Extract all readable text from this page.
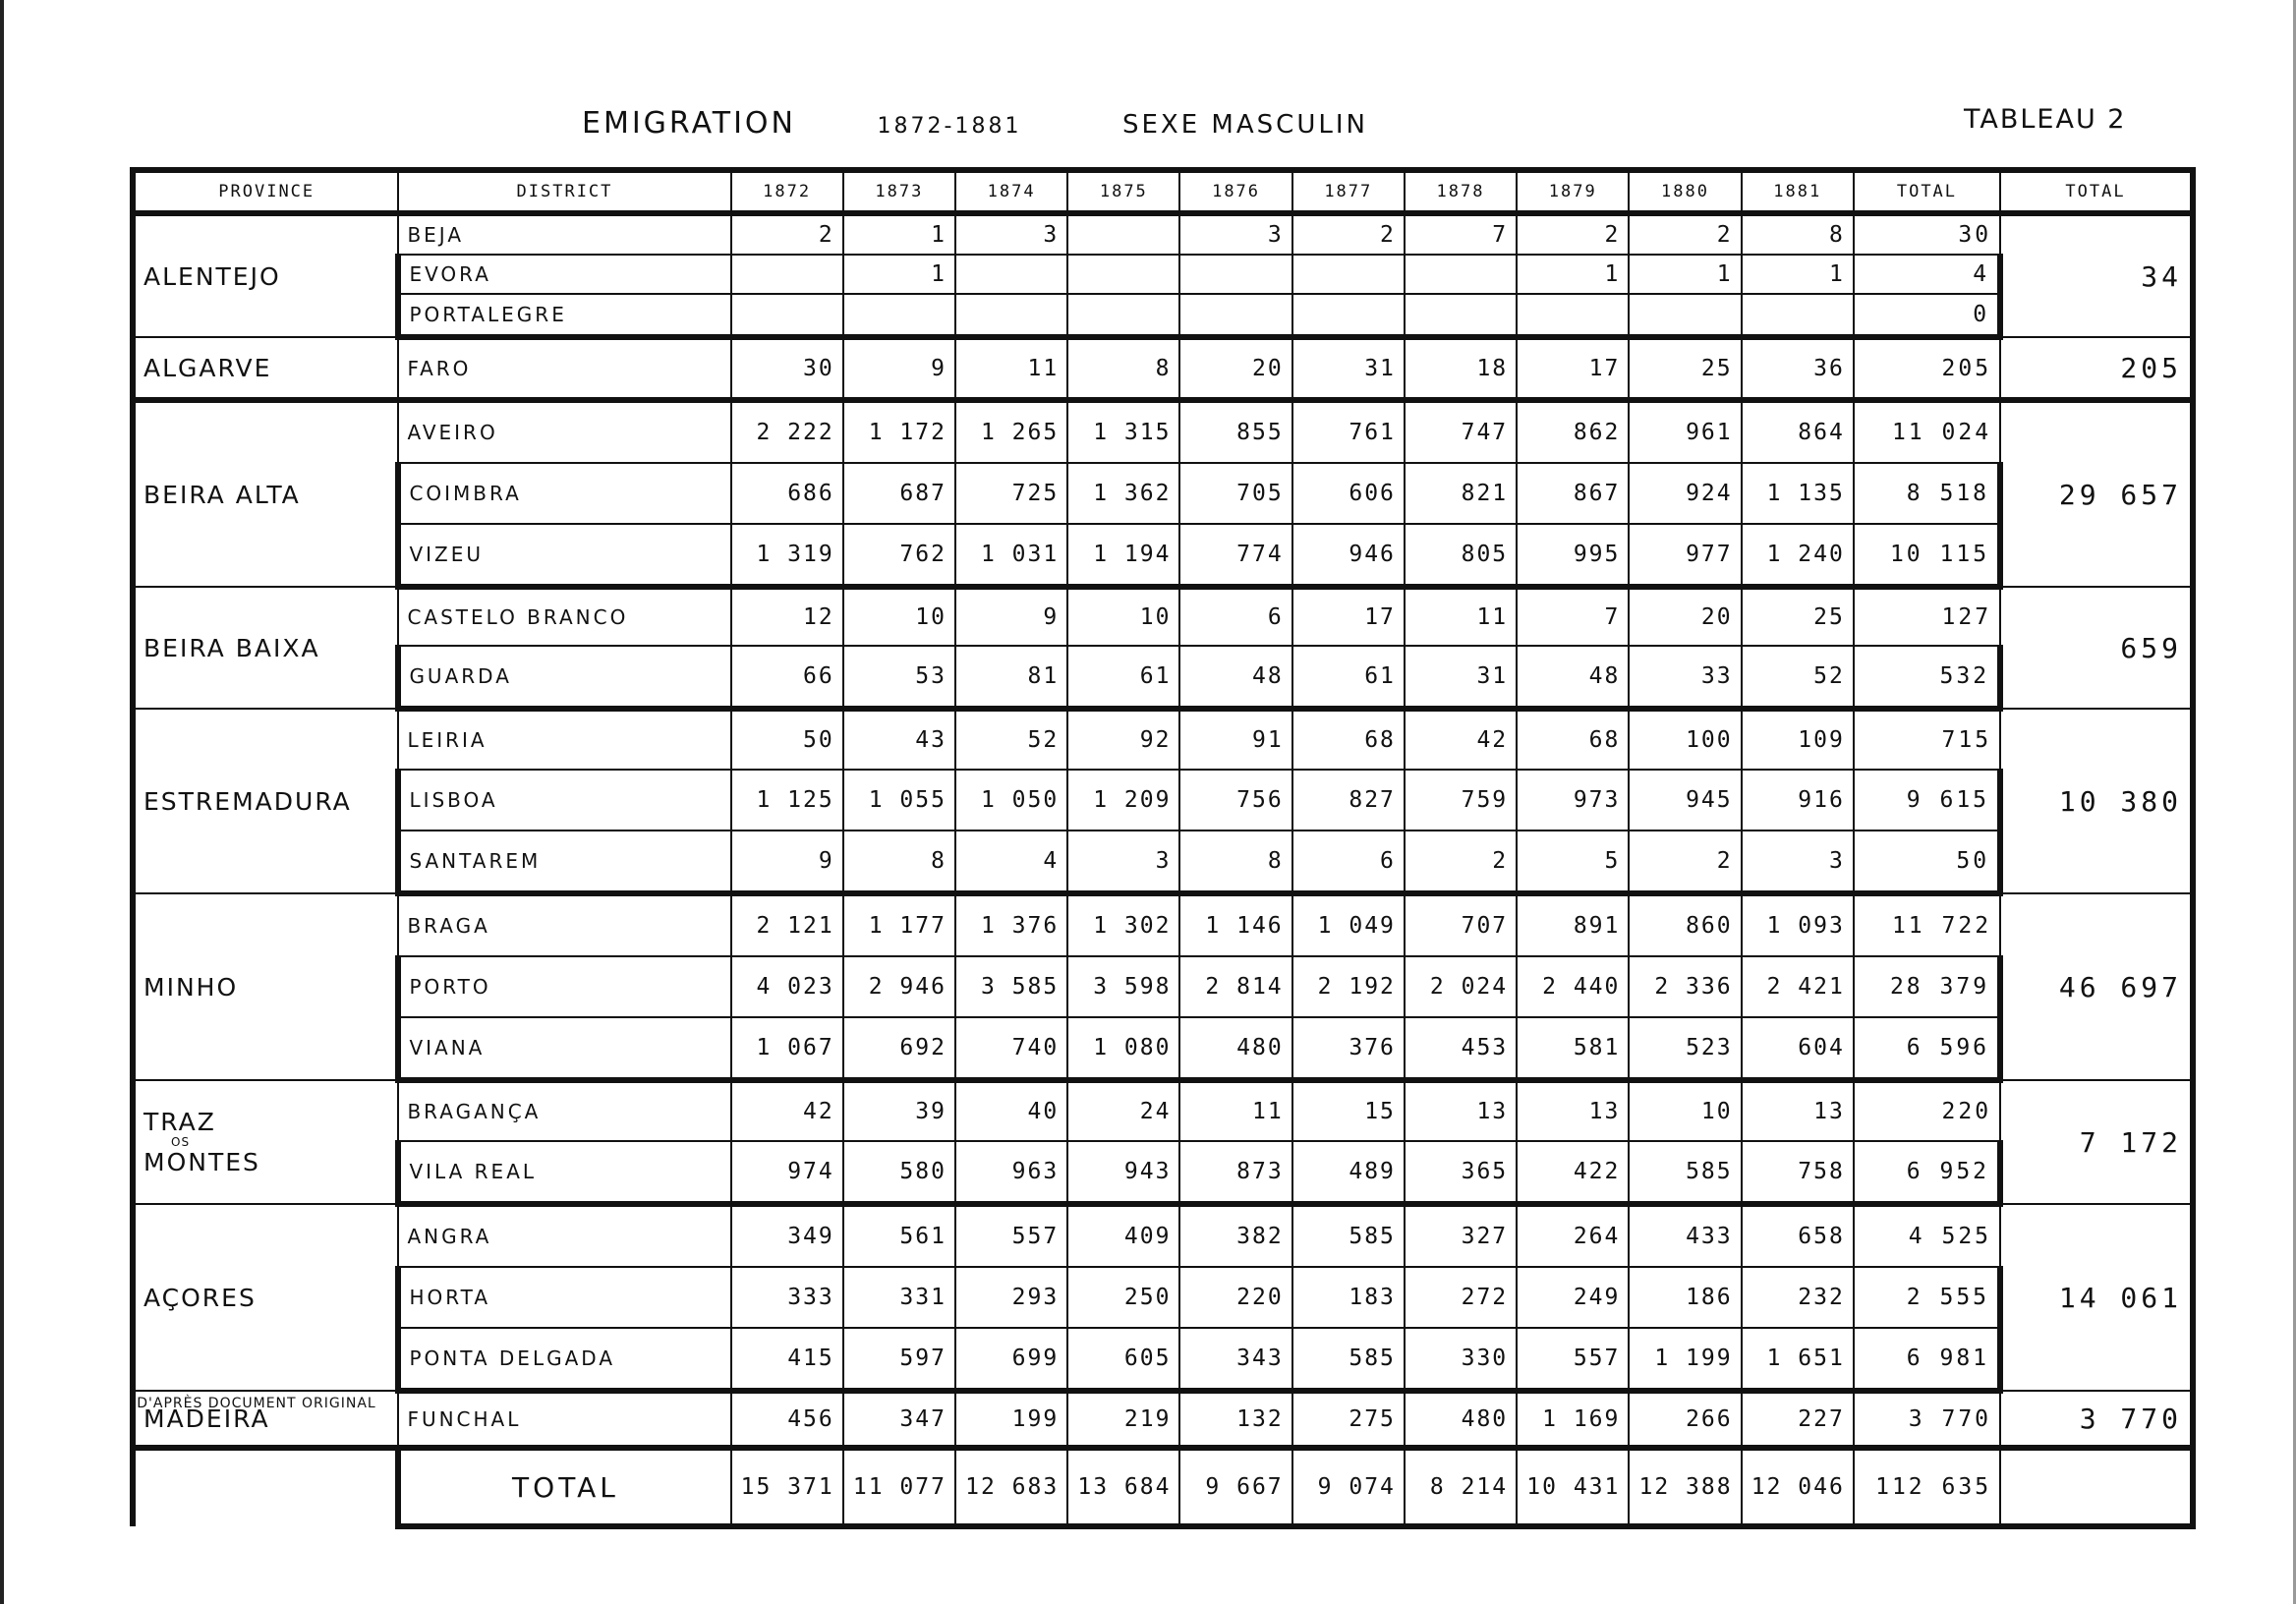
EMIGRATION	1872-1881	SEXE MASCULIN	TABLEAU 2
PROVINCE	DISTRICT	1872	1873	1874	1875	1876	1877	1878	1879	1880	1881	TOTAL	TOTAL
ALENTEJO	BEJA	2	1	3		3	2	7	2	2	8	30	34
	EVORA		1						1	1	1	4	
	PORTALEGRE											0	
ALGARVE	FARO	30	9	11	8	20	31	18	17	25	36	205	205
BEIRA ALTA	AVEIRO	2 222	1 172	1 265	1 315	855	761	747	862	961	864	11 024	29 657
	COIMBRA	686	687	725	1 362	705	606	821	867	924	1 135	8 518	
	VIZEU	1 319	762	1 031	1 194	774	946	805	995	977	1 240	10 115	
BEIRA BAIXA	CASTELO BRANCO	12	10	9	10	6	17	11	7	20	25	127	659
	GUARDA	66	53	81	61	48	61	31	48	33	52	532	
ESTREMADURA	LEIRIA	50	43	52	92	91	68	42	68	100	109	715	10 380
	LISBOA	1 125	1 055	1 050	1 209	756	827	759	973	945	916	9 615	
	SANTAREM	9	8	4	3	8	6	2	5	2	3	50	
MINHO	BRAGA	2 121	1 177	1 376	1 302	1 146	1 049	707	891	860	1 093	11 722	46 697
	PORTO	4 023	2 946	3 585	3 598	2 814	2 192	2 024	2 440	2 336	2 421	28 379	
	VIANA	1 067	692	740	1 080	480	376	453	581	523	604	6 596	

TRAZ
OS
MONTES	BRAGANÇA	42	39	40	24	11	15	13	13	10	13	220	7 172
	VILA REAL	974	580	963	943	873	489	365	422	585	758	6 952	
AÇORES	ANGRA	349	561	557	409	382	585	327	264	433	658	4 525	14 061
	HORTA	333	331	293	250	220	183	272	249	186	232	2 555	
	PONTA DELGADA	415	597	699	605	343	585	330	557	1 199	1 651	6 981	
MADEIRA	FUNCHAL	456	347	199	219	132	275	480	1 169	266	227	3 770	3 770
	TOTAL	15 371	11 077	12 683	13 684	9 667	9 074	8 214	10 431	12 388	12 046	112 635	
D'APRÈS DOCUMENT ORIGINAL
